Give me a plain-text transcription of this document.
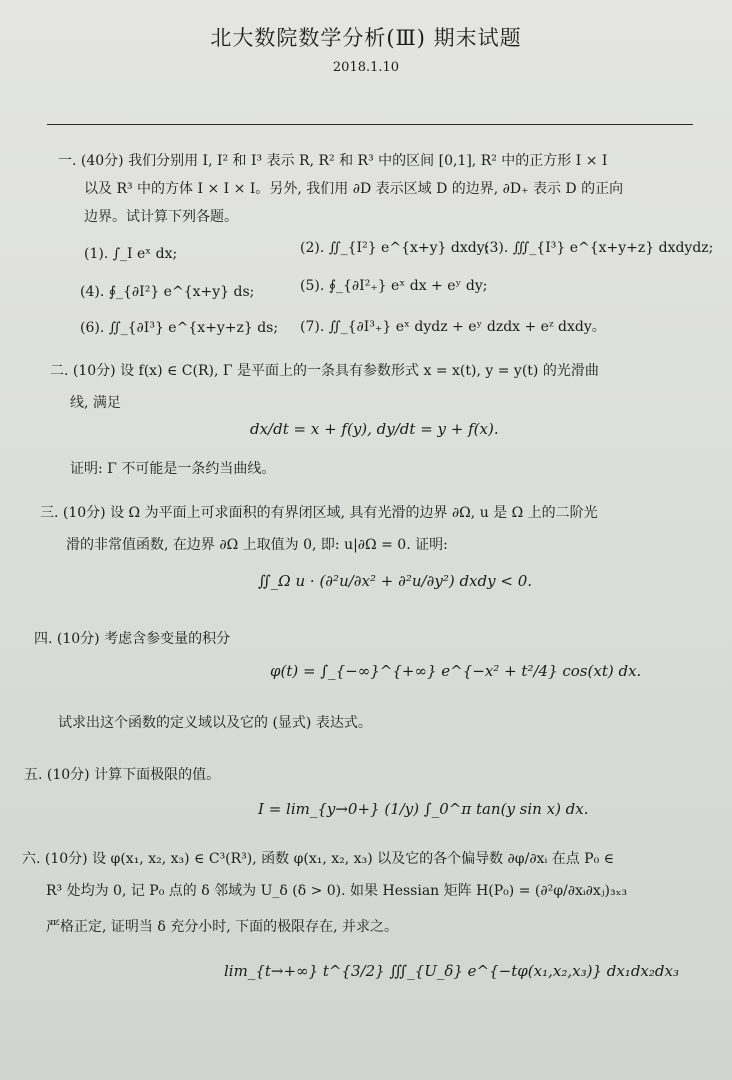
北大数院数学分析(Ⅲ) 期末试题
2018.1.10
一. (40分) 我们分别用 I, I² 和 I³ 表示 R, R² 和 R³ 中的区间 [0,1], R² 中的正方形 I × I
以及 R³ 中的方体 I × I × I。另外, 我们用 ∂D 表示区域 D 的边界, ∂D₊ 表示 D 的正向
边界。试计算下列各题。
(1). ∫_I eˣ dx;	(2). ∬_{I²} e^{x+y} dxdy;
(3). ∭_{I³} e^{x+y+z} dxdydz;
(4). ∮_{∂I²} e^{x+y} ds;	(5). ∮_{∂I²₊} eˣ dx + eʸ dy;
(6). ∬_{∂I³} e^{x+y+z} ds; (7). ∬_{∂I³₊} eˣ dydz + eʸ dzdx + eᶻ dxdy。
二. (10分) 设 f(x) ∈ C(R), Γ 是平面上的一条具有参数形式 x = x(t), y = y(t) 的光滑曲
线, 满足
dx/dt = x + f(y), dy/dt = y + f(x).
证明: Γ 不可能是一条约当曲线。
三. (10分) 设 Ω 为平面上可求面积的有界闭区域, 具有光滑的边界 ∂Ω, u 是 Ω 上的二阶光
滑的非常值函数, 在边界 ∂Ω 上取值为 0, 即: u|∂Ω = 0. 证明:
∬_Ω u · (∂²u/∂x² + ∂²u/∂y²) dxdy < 0.
四. (10分) 考虑含参变量的积分
φ(t) = ∫_{−∞}^{+∞} e^{−x² + t²/4} cos(xt) dx.
试求出这个函数的定义域以及它的 (显式) 表达式。
五. (10分) 计算下面极限的值。
I = lim_{y→0+} (1/y) ∫_0^π tan(y sin x) dx.
六. (10分) 设 φ(x₁, x₂, x₃) ∈ C³(R³), 函数 φ(x₁, x₂, x₃) 以及它的各个偏导数 ∂φ/∂xᵢ 在点 P₀ ∈
R³ 处均为 0, 记 P₀ 点的 δ 邻域为 U_δ (δ > 0). 如果 Hessian 矩阵 H(P₀) = (∂²φ/∂xᵢ∂xⱼ)₃ₓ₃
严格正定, 证明当 δ 充分小时, 下面的极限存在, 并求之。
lim_{t→+∞} t^{3/2} ∭_{U_δ} e^{−tφ(x₁,x₂,x₃)} dx₁dx₂dx₃
